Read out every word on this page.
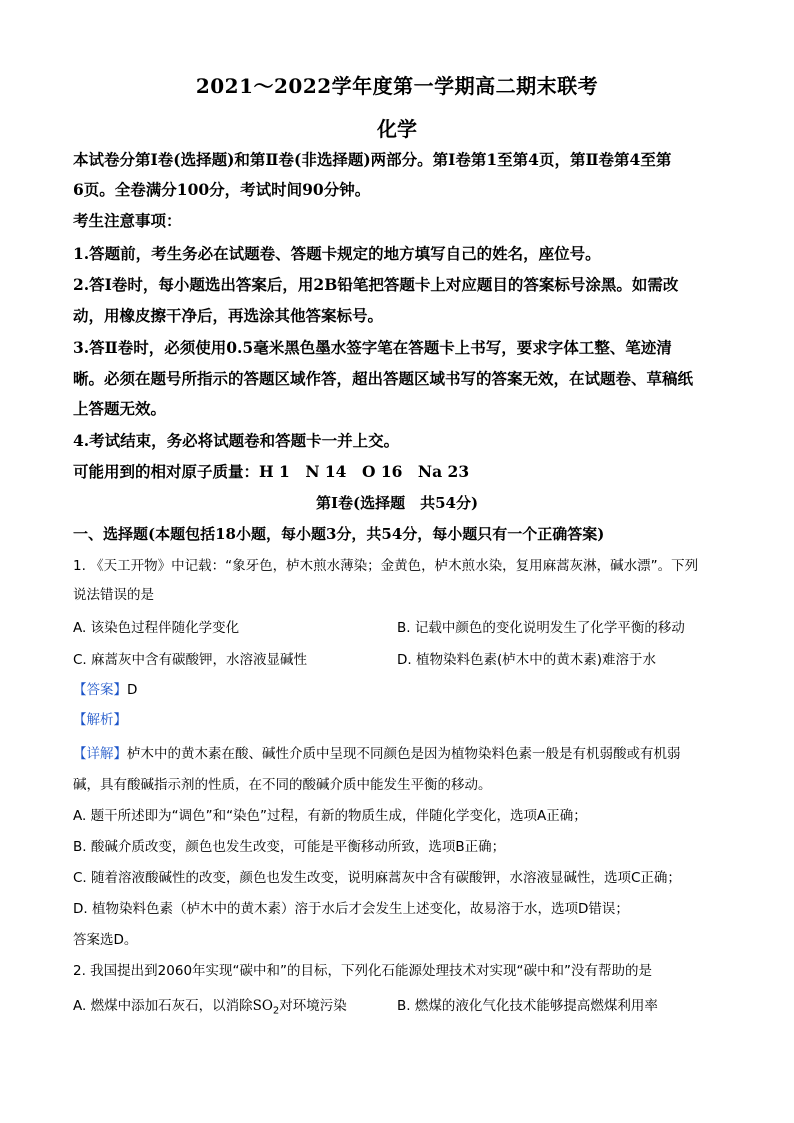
2021～2022学年度第一学期高二期末联考
化学

本试卷分第Ⅰ卷(选择题)和第Ⅱ卷(非选择题)两部分。第Ⅰ卷第1至第4页，第Ⅱ卷第4至第

6页。全卷满分100分，考试时间90分钟。

考生注意事项：

1.答题前，考生务必在试题卷、答题卡规定的地方填写自己的姓名，座位号。

2.答Ⅰ卷时，每小题选出答案后，用2B铅笔把答题卡上对应题目的答案标号涂黑。如需改

动，用橡皮擦干净后，再选涂其他答案标号。

3.答Ⅱ卷时，必须使用0.5毫米黑色墨水签字笔在答题卡上书写，要求字体工整、笔迹清

晰。必须在题号所指示的答题区域作答，超出答题区域书写的答案无效，在试题卷、草稿纸

上答题无效。

4.考试结束，务必将试题卷和答题卡一并上交。

可能用到的相对原子质量：H 1　N 14　O 16　Na 23

第Ⅰ卷(选择题　共54分)

一、选择题(本题包括18小题，每小题3分，共54分，每小题只有一个正确答案)

1. 《天工开物》中记载：“象牙色，栌木煎水薄染；金黄色，栌木煎水染，复用麻蒿灰淋，碱水漂”。下列

说法错误的是

A. 该染色过程伴随化学变化	B. 记载中颜色的变化说明发生了化学平衡的移动
C. 麻蒿灰中含有碳酸钾，水溶液显碱性	D. 植物染料色素(栌木中的黄木素)难溶于水

【答案】D

【解析】

【详解】栌木中的黄木素在酸、碱性介质中呈现不同颜色是因为植物染料色素一般是有机弱酸或有机弱

碱，具有酸碱指示剂的性质，在不同的酸碱介质中能发生平衡的移动。

A. 题干所述即为“调色”和“染色”过程，有新的物质生成，伴随化学变化，选项A正确；

B. 酸碱介质改变，颜色也发生改变，可能是平衡移动所致，选项B正确；

C. 随着溶液酸碱性的改变，颜色也发生改变，说明麻蒿灰中含有碳酸钾，水溶液显碱性，选项C正确；

D. 植物染料色素（栌木中的黄木素）溶于水后才会发生上述变化，故易溶于水，选项D错误；

答案选D。

2. 我国提出到2060年实现“碳中和”的目标，下列化石能源处理技术对实现“碳中和”没有帮助的是

A. 燃煤中添加石灰石，以消除$SO_2$对环境污染	B. 燃煤的液化气化技术能够提高燃煤利用率
